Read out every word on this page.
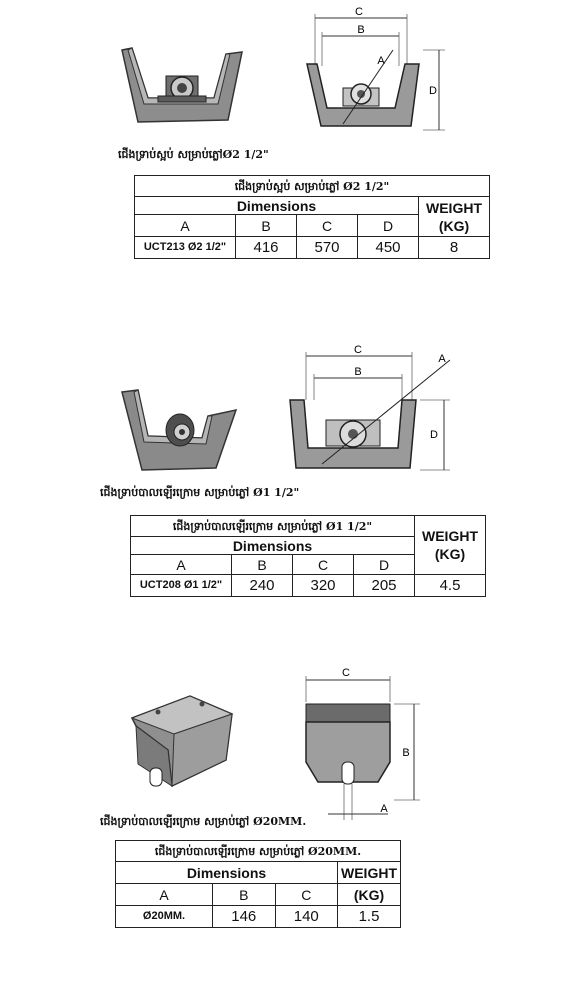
C
B
A
D
ជើងទ្រាប់ស្អប់ សម្រាប់ភ្លៅØ2 1/2"
ជើងទ្រាប់ស្អប់ សម្រាប់ភ្លៅ Ø2 1/2"				
Dimensions				WEIGHT
(KG)

A	B	C	D	
UCT213 Ø2 1/2"	416	570	450	8
C
B
A
D
ជើងទ្រាប់បាលឡើរក្រោម សម្រាប់ភ្លៅ Ø1 1/2"
ជើងទ្រាប់បាលឡើរក្រោម សម្រាប់ភ្លៅ Ø1 1/2"				WEIGHT
(KG)

Dimensions				
A	B	C	D	
UCT208 Ø1 1/2"	240	320	205	4.5
C
B
A
ជើងទ្រាប់បាលឡើរក្រោម សម្រាប់ភ្លៅ Ø20MM.
ជើងទ្រាប់បាលឡើរក្រោម សម្រាប់ភ្លៅ Ø20MM.			
Dimensions			WEIGHT
A	B	C	(KG)
Ø20MM.	146	140	1.5
